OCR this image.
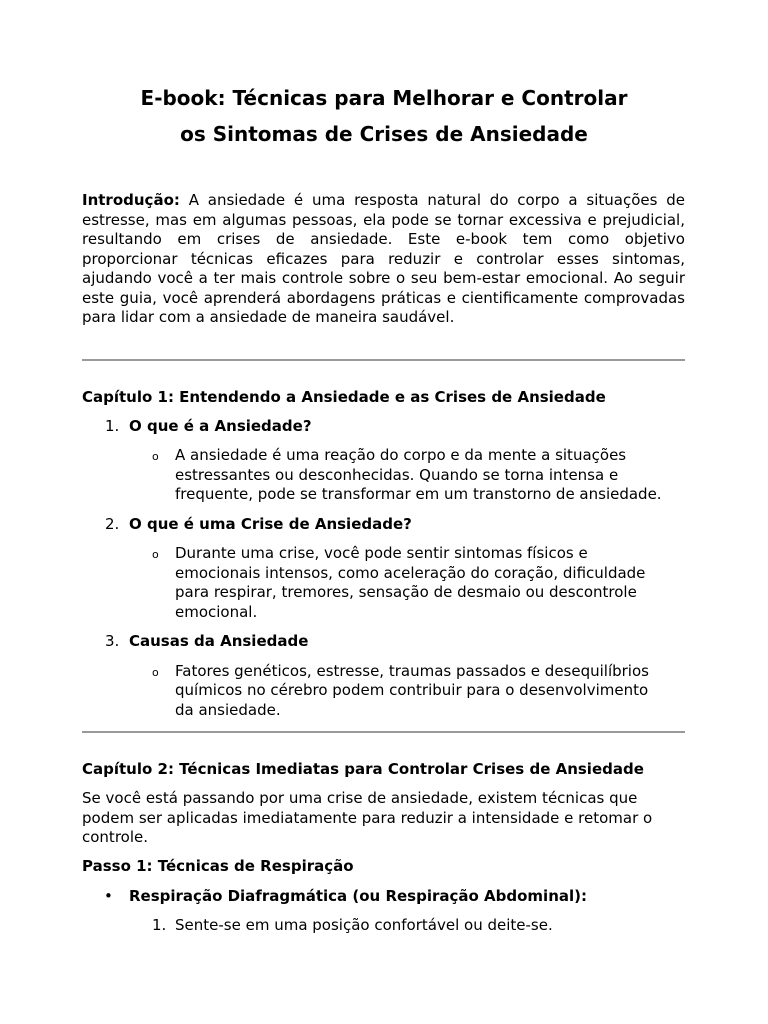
E-book: Técnicas para Melhorar e Controlar
os Sintomas de Crises de Ansiedade

Introdução: A ansiedade é uma resposta natural do corpo a situações de estresse, mas em algumas pessoas, ela pode se tornar excessiva e prejudicial, resultando em crises de ansiedade. Este e-book tem como objetivo proporcionar técnicas eficazes para reduzir e controlar esses sintomas, ajudando você a ter mais controle sobre o seu bem-estar emocional. Ao seguir este guia, você aprenderá abordagens práticas e cientificamente comprovadas para lidar com a ansiedade de maneira saudável.

Capítulo 1: Entendendo a Ansiedade e as Crises de Ansiedade
1. O que é a Ansiedade?
o A ansiedade é uma reação do corpo e da mente a situações
estressantes ou desconhecidas. Quando se torna intensa e
frequente, pode se transformar em um transtorno de ansiedade.
2. O que é uma Crise de Ansiedade?
o Durante uma crise, você pode sentir sintomas físicos e
emocionais intensos, como aceleração do coração, dificuldade
para respirar, tremores, sensação de desmaio ou descontrole
emocional.
3. Causas da Ansiedade
o Fatores genéticos, estresse, traumas passados e desequilíbrios
químicos no cérebro podem contribuir para o desenvolvimento
da ansiedade.
Capítulo 2: Técnicas Imediatas para Controlar Crises de Ansiedade
Se você está passando por uma crise de ansiedade, existem técnicas que
podem ser aplicadas imediatamente para reduzir a intensidade e retomar o
controle.
Passo 1: Técnicas de Respiração
• Respiração Diafragmática (ou Respiração Abdominal):
1. Sente-se em uma posição confortável ou deite-se.
